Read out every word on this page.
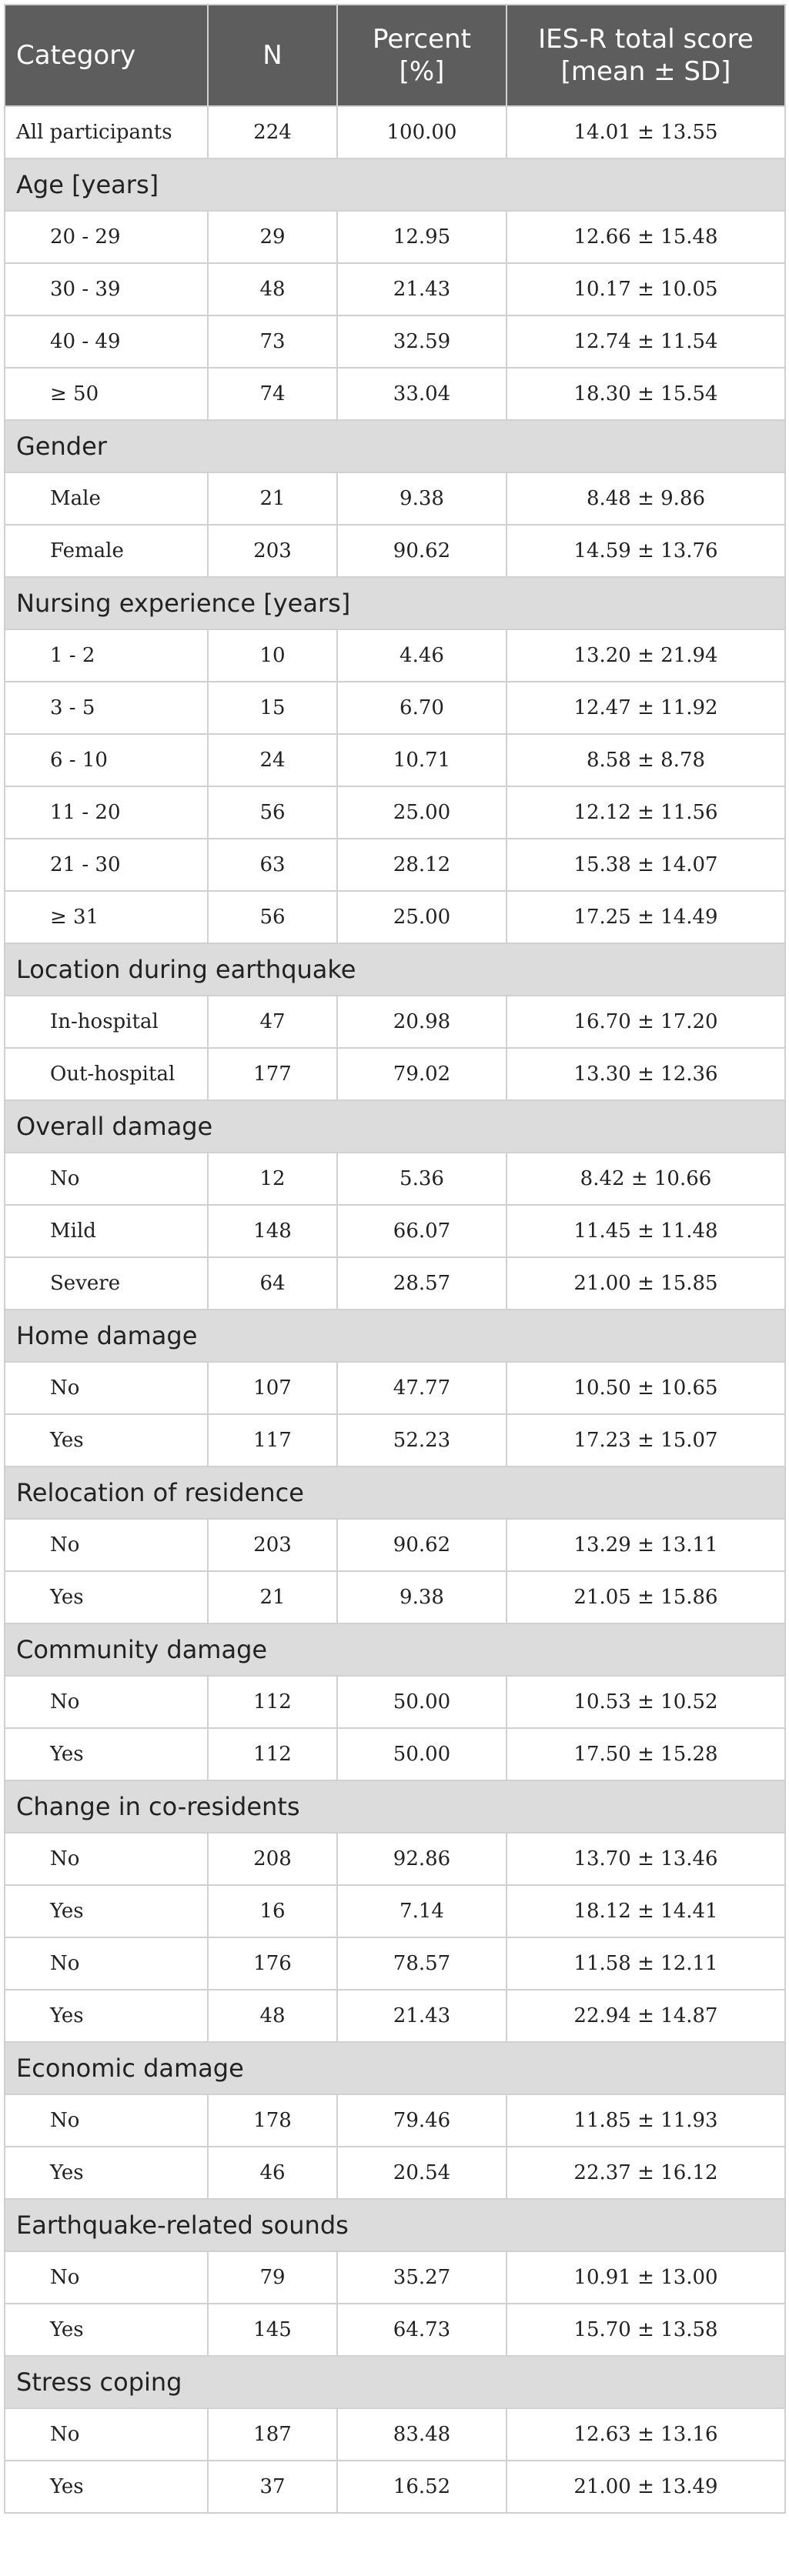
Category	N	Percent [%]	IES-R total score
[mean ± SD]
All participants	224	100.00	14.01 ± 13.55
Age [years]			
20 - 29	29	12.95	12.66 ± 15.48
30 - 39	48	21.43	10.17 ± 10.05
40 - 49	73	32.59	12.74 ± 11.54
≥ 50	74	33.04	18.30 ± 15.54
Gender			
Male	21	9.38	8.48 ± 9.86
Female	203	90.62	14.59 ± 13.76
Nursing experience [years]			
1 - 2	10	4.46	13.20 ± 21.94
3 - 5	15	6.70	12.47 ± 11.92
6 - 10	24	10.71	8.58 ± 8.78
11 - 20	56	25.00	12.12 ± 11.56
21 - 30	63	28.12	15.38 ± 14.07
≥ 31	56	25.00	17.25 ± 14.49
Location during earthquake			
In-hospital	47	20.98	16.70 ± 17.20
Out-hospital	177	79.02	13.30 ± 12.36
Overall damage			
No	12	5.36	8.42 ± 10.66
Mild	148	66.07	11.45 ± 11.48
Severe	64	28.57	21.00 ± 15.85
Home damage			
No	107	47.77	10.50 ± 10.65
Yes	117	52.23	17.23 ± 15.07
Relocation of residence			
No	203	90.62	13.29 ± 13.11
Yes	21	9.38	21.05 ± 15.86
Community damage			
No	112	50.00	10.53 ± 10.52
Yes	112	50.00	17.50 ± 15.28
Change in co-residents			
No	208	92.86	13.70 ± 13.46
Yes	16	7.14	18.12 ± 14.41
No	176	78.57	11.58 ± 12.11
Yes	48	21.43	22.94 ± 14.87
Economic damage			
No	178	79.46	11.85 ± 11.93
Yes	46	20.54	22.37 ± 16.12
Earthquake-related sounds			
No	79	35.27	10.91 ± 13.00
Yes	145	64.73	15.70 ± 13.58
Stress coping			
No	187	83.48	12.63 ± 13.16
Yes	37	16.52	21.00 ± 13.49
